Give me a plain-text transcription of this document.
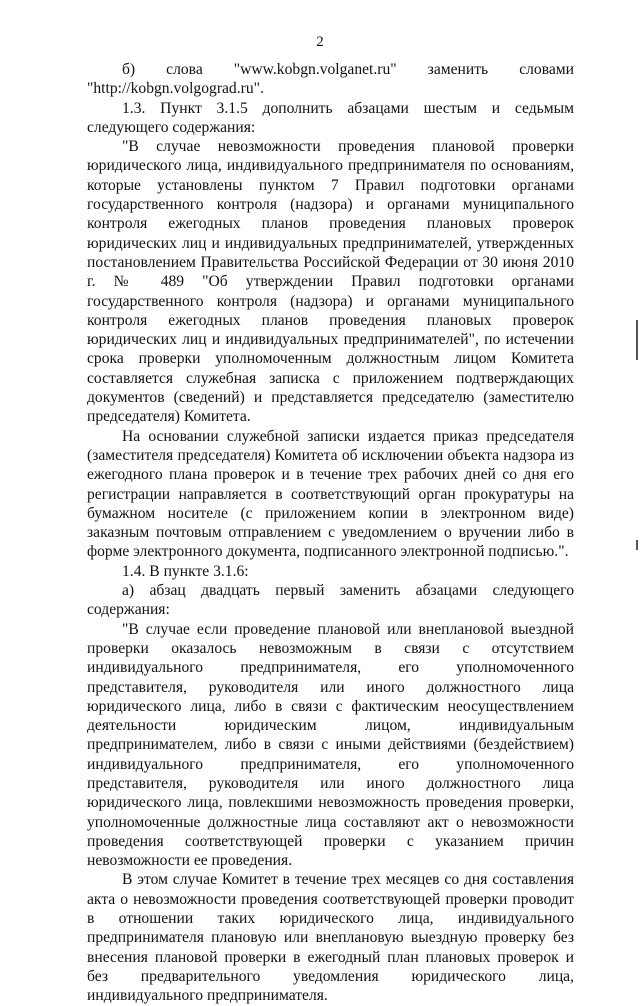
2

б) слова "www.kobgn.volganet.ru" заменить словами "http://kobgn.volgograd.ru".

1.3. Пункт 3.1.5 дополнить абзацами шестым и седьмым следующего содержания:

"В случае невозможности проведения плановой проверки юридического лица, индивидуального предпринимателя по основаниям, которые установлены пунктом 7 Правил подготовки органами государственного контроля (надзора) и органами муниципального контроля ежегодных планов проведения плановых проверок юридических лиц и индивидуальных предпринимателей, утвержденных постановлением Правительства Российской Федерации от 30 июня 2010 г. № 489 "Об утверждении Правил подготовки органами государственного контроля (надзора) и органами муниципального контроля ежегодных планов проведения плановых проверок юридических лиц и индивидуальных предпринимателей", по истечении срока проверки уполномоченным должностным лицом Комитета составляется служебная записка с приложением подтверждающих документов (сведений) и представляется председателю (заместителю председателя) Комитета.

На основании служебной записки издается приказ председателя (заместителя председателя) Комитета об исключении объекта надзора из ежегодного плана проверок и в течение трех рабочих дней со дня его регистрации направляется в соответствующий орган прокуратуры на бумажном носителе (с приложением копии в электронном виде) заказным почтовым отправлением с уведомлением о вручении либо в форме электронного документа, подписанного электронной подписью.".

1.4. В пункте 3.1.6:

а) абзац двадцать первый заменить абзацами следующего содержания:

"В случае если проведение плановой или внеплановой выездной проверки оказалось невозможным в связи с отсутствием индивидуального предпринимателя, его уполномоченного представителя, руководителя или иного должностного лица юридического лица, либо в связи с фактическим неосуществлением деятельности юридическим лицом, индивидуальным предпринимателем, либо в связи с иными действиями (бездействием) индивидуального предпринимателя, его уполномоченного представителя, руководителя или иного должностного лица юридического лица, повлекшими невозможность проведения проверки, уполномоченные должностные лица составляют акт о невозможности проведения соответствующей проверки с указанием причин невозможности ее проведения.

В этом случае Комитет в течение трех месяцев со дня составления акта о невозможности проведения соответствующей проверки проводит в отношении таких юридического лица, индивидуального предпринимателя плановую или внеплановую выездную проверку без внесения плановой проверки в ежегодный план плановых проверок и без предварительного уведомления юридического лица, индивидуального предпринимателя.
